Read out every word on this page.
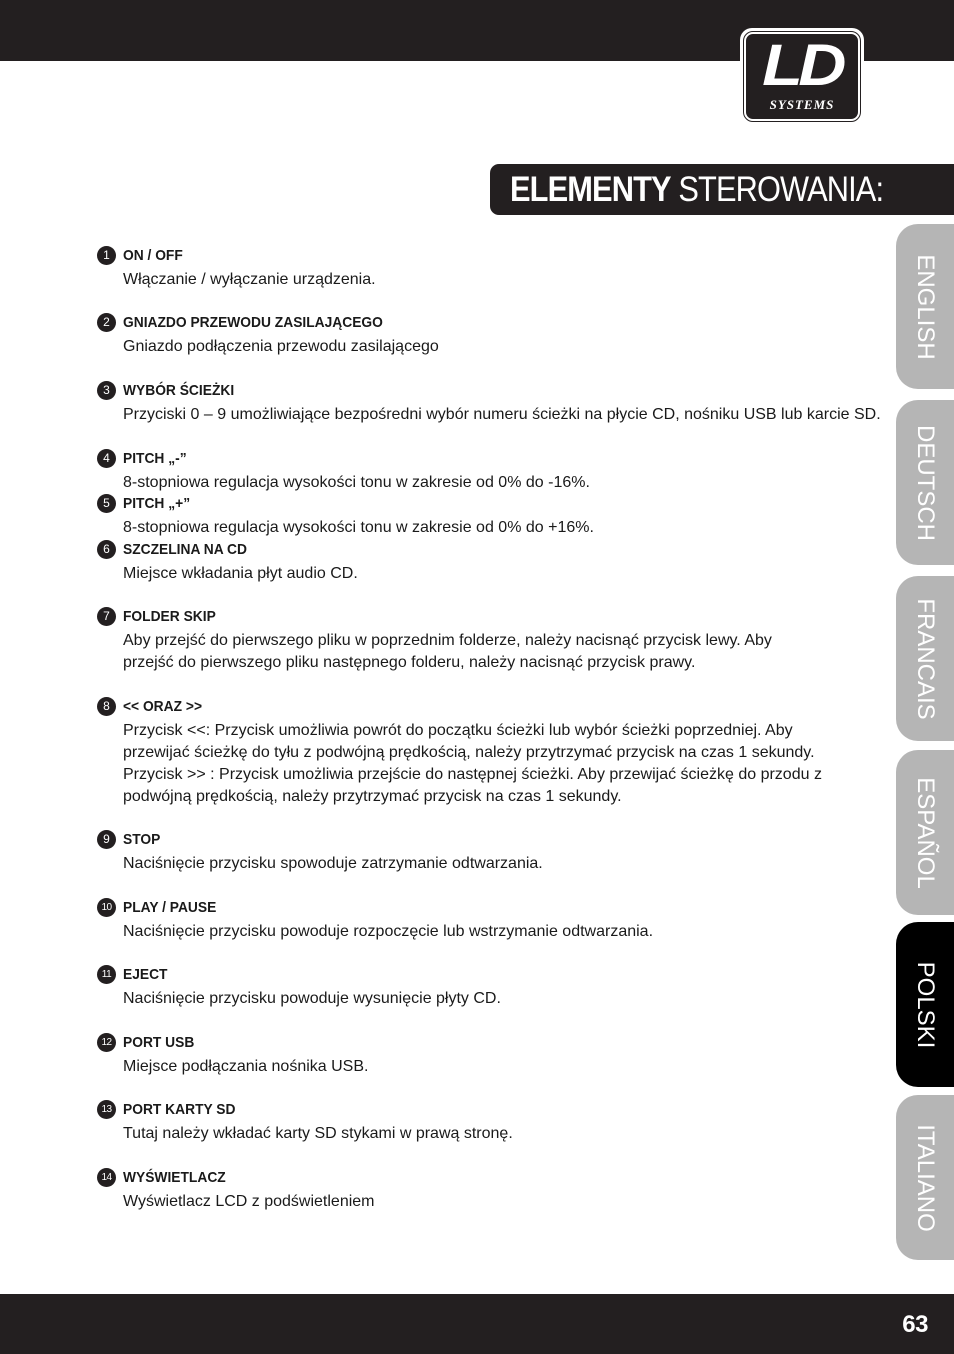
LD
SYSTEMS
ELEMENTY STEROWANIA:
ENGLISH
DEUTSCH
FRANCAIS
ESPAÑOL
POLSKI
ITALIANO
1 ON / OFF

Włączanie / wyłączanie urządzenia.

2 GNIAZDO PRZEWODU ZASILAJĄCEGO

Gniazdo podłączenia przewodu zasilającego

3 WYBÓR ŚCIEŻKI

Przyciski 0 – 9 umożliwiające bezpośredni wybór numeru ścieżki na płycie CD, nośniku USB lub karcie SD.

4 PITCH „-”

8-stopniowa regulacja wysokości tonu w zakresie od 0% do -16%.

5 PITCH „+”

8-stopniowa regulacja wysokości tonu w zakresie od 0% do +16%.

6 SZCZELINA NA CD

Miejsce wkładania płyt audio CD.

7 FOLDER SKIP

Aby przejść do pierwszego pliku w poprzednim folderze, należy nacisnąć przycisk lewy. Aby przejść do pierwszego pliku następnego folderu, należy nacisnąć przycisk prawy.

8 << ORAZ >>

Przycisk <<: Przycisk umożliwia powrót do początku ścieżki lub wybór ścieżki poprzedniej. Aby przewijać ścieżkę do tyłu z podwójną prędkością, należy przytrzymać przycisk na czas 1 sekundy.

Przycisk >> : Przycisk umożliwia przejście do następnej ścieżki. Aby przewijać ścieżkę do przodu z podwójną prędkością, należy przytrzymać przycisk na czas 1 sekundy.

9 STOP

Naciśnięcie przycisku spowoduje zatrzymanie odtwarzania.

10 PLAY / PAUSE

Naciśnięcie przycisku powoduje rozpoczęcie lub wstrzymanie odtwarzania.

11 EJECT

Naciśnięcie przycisku powoduje wysunięcie płyty CD.

12 PORT USB

Miejsce podłączania nośnika USB.

13 PORT KARTY SD

Tutaj należy wkładać karty SD stykami w prawą stronę.

14 WYŚWIETLACZ

Wyświetlacz LCD z podświetleniem

63
